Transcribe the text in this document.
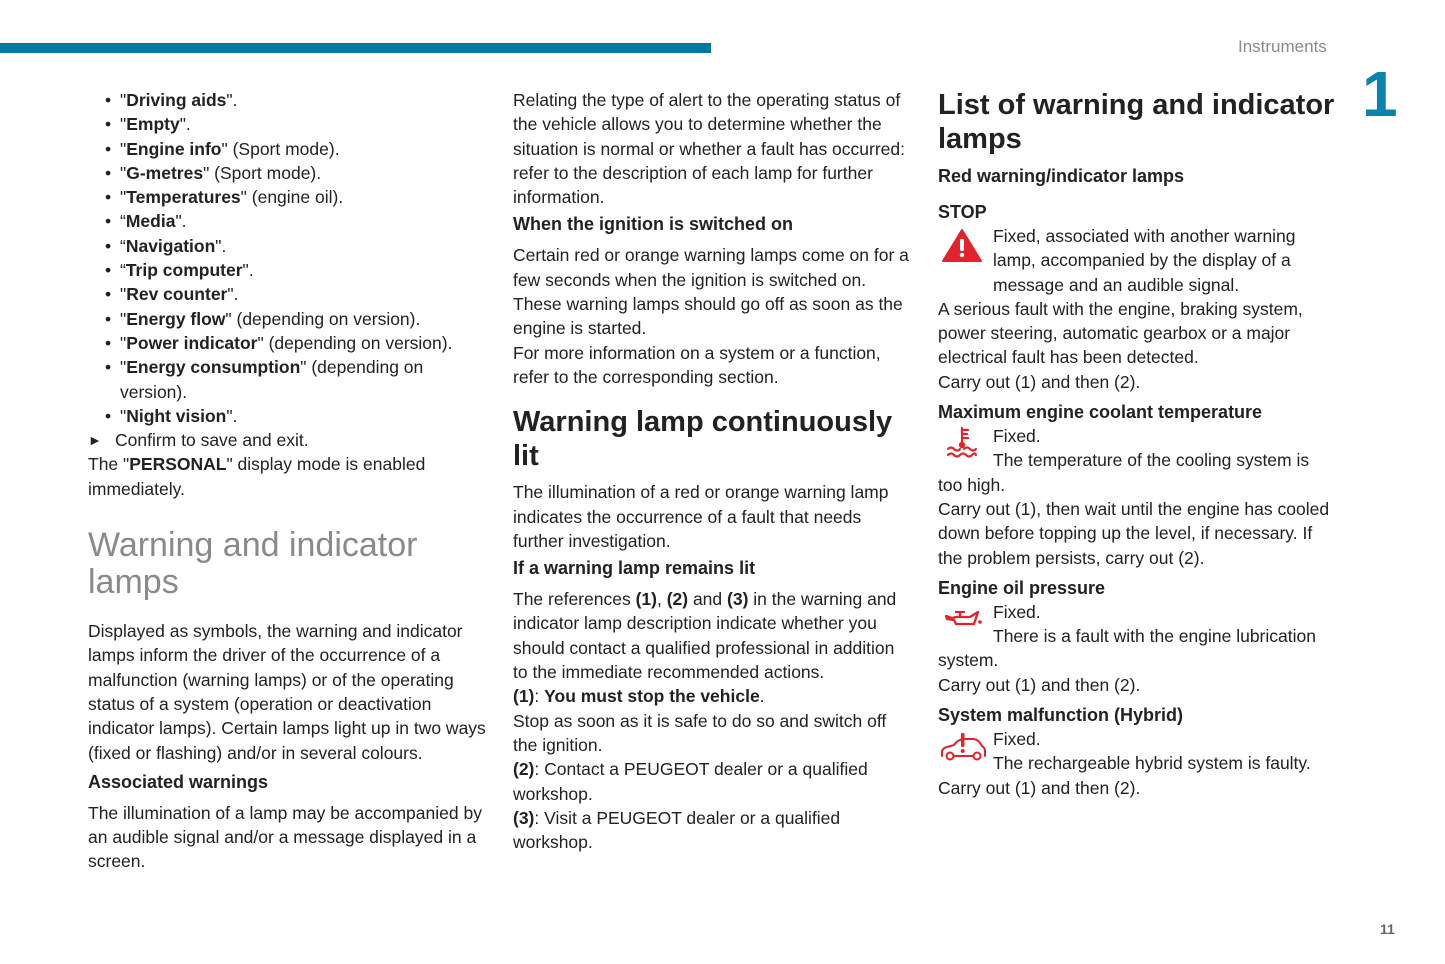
Instruments
1
11
• "Driving aids".
• "Empty".
• "Engine info" (Sport mode).
• "G-metres" (Sport mode).
• "Temperatures" (engine oil).
• “Media".
• “Navigation".
• “Trip computer".
• "Rev counter".
• "Energy flow" (depending on version).
• "Power indicator" (depending on version).
• "Energy consumption" (depending on version).
• "Night vision".
► Confirm to save and exit.

The "PERSONAL" display mode is enabled immediately.

Warning and indicator lamps

Displayed as symbols, the warning and indicator lamps inform the driver of the occurrence of a malfunction (warning lamps) or of the operating status of a system (operation or deactivation indicator lamps). Certain lamps light up in two ways (fixed or flashing) and/or in several colours.

Associated warnings

The illumination of a lamp may be accompanied by an audible signal and/or a message displayed in a screen.

Relating the type of alert to the operating status of the vehicle allows you to determine whether the situation is normal or whether a fault has occurred: refer to the description of each lamp for further information.

When the ignition is switched on

Certain red or orange warning lamps come on for a few seconds when the ignition is switched on. These warning lamps should go off as soon as the engine is started.

For more information on a system or a function, refer to the corresponding section.

Warning lamp continuously lit

The illumination of a red or orange warning lamp indicates the occurrence of a fault that needs further investigation.

If a warning lamp remains lit

The references (1), (2) and (3) in the warning and indicator lamp description indicate whether you should contact a qualified professional in addition to the immediate recommended actions.

(1): You must stop the vehicle.

Stop as soon as it is safe to do so and switch off the ignition.

(2): Contact a PEUGEOT dealer or a qualified workshop.

(3): Visit a PEUGEOT dealer or a qualified workshop.

List of warning and indicator lamps
Red warning/indicator lamps
STOP

Fixed, associated with another warning lamp, accompanied by the display of a message and an audible signal.

A serious fault with the engine, braking system, power steering, automatic gearbox or a major electrical fault has been detected.

Carry out (1) and then (2).

Maximum engine coolant temperature

Fixed.

The temperature of the cooling system is too high.

Carry out (1), then wait until the engine has cooled down before topping up the level, if necessary. If the problem persists, carry out (2).

Engine oil pressure

Fixed.

There is a fault with the engine lubrication system.

Carry out (1) and then (2).

System malfunction (Hybrid)

Fixed.

The rechargeable hybrid system is faulty.

Carry out (1) and then (2).
